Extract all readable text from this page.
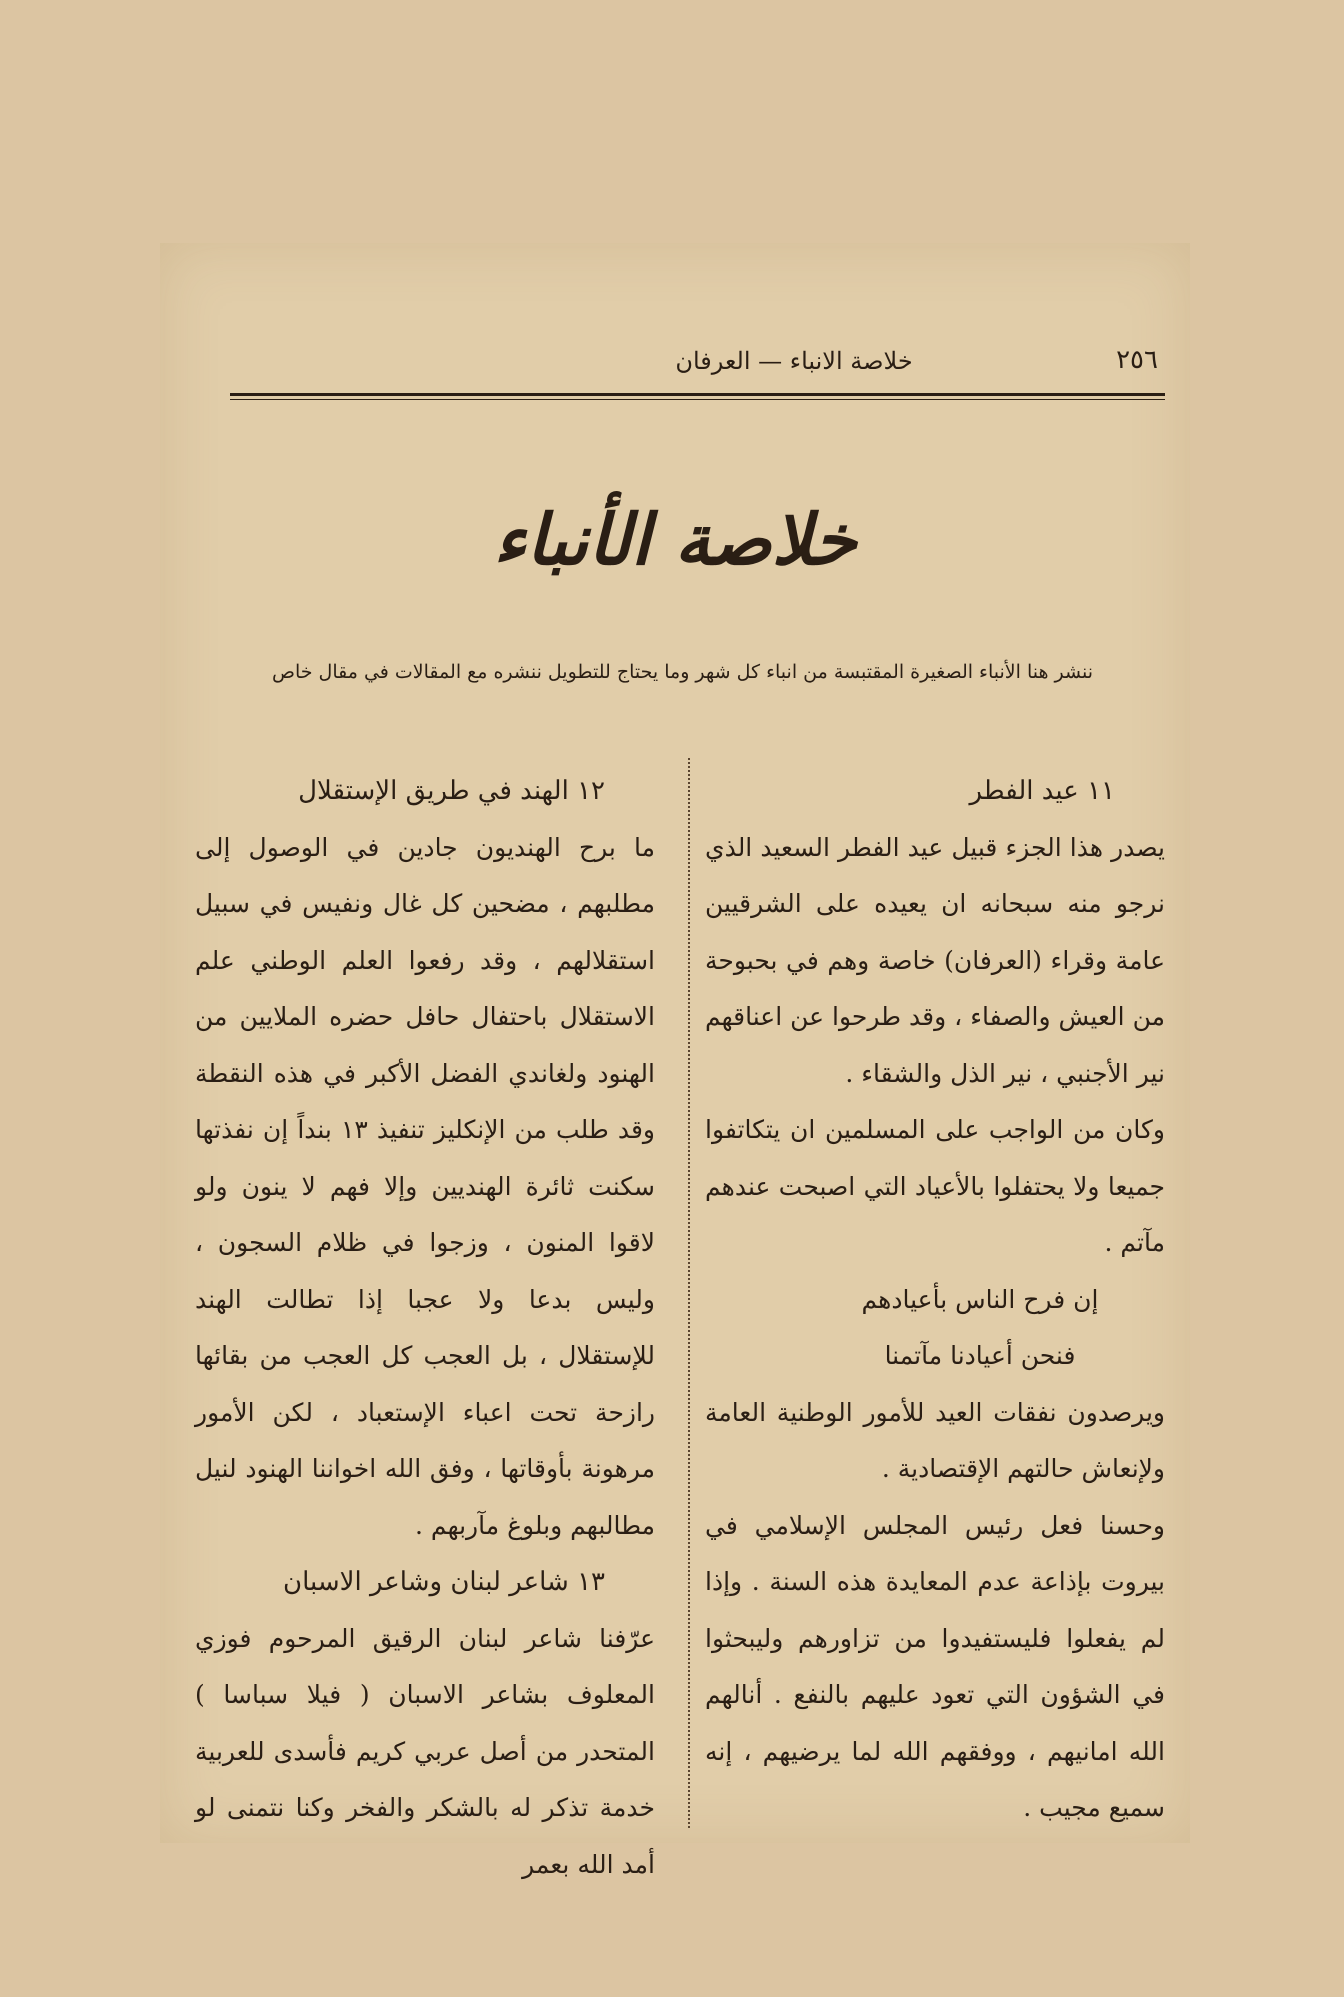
٢٥٦
خلاصة الانباء — العرفان
خلاصة الأنباء
ننشر هنا الأنباء الصغيرة المقتبسة من انباء كل شهر وما يحتاج للتطويل ننشره مع المقالات في مقال خاص
١١ عيد الفطر
يصدر هذا الجزء قبيل عيد الفطر السعيد الذي نرجو منه سبحانه ان يعيده على الشرقيين عامة وقراء (العرفان) خاصة وهم في بحبوحة من العيش والصفاء ، وقد طرحوا عن اعناقهم نير الأجنبي ، نير الذل والشقاء .
وكان من الواجب على المسلمين ان يتكاتفوا جميعا ولا يحتفلوا بالأعياد التي اصبحت عندهم مآتم .
إن فرح الناس بأعيادهم
فنحن أعيادنا مآتمنا
ويرصدون نفقات العيد للأمور الوطنية العامة ولإنعاش حالتهم الإقتصادية .
وحسنا فعل رئيس المجلس الإسلامي في بيروت بإذاعة عدم المعايدة هذه السنة . وإذا لم يفعلوا فليستفيدوا من تزاورهم وليبحثوا في الشؤون التي تعود عليهم بالنفع . أنالهم الله امانيهم ، ووفقهم الله لما يرضيهم ، إنه سميع مجيب .
١٢ الهند في طريق الإستقلال
ما برح الهنديون جادين في الوصول إلى مطلبهم ، مضحين كل غال ونفيس في سبيل استقلالهم ، وقد رفعوا العلم الوطني علم الاستقلال باحتفال حافل حضره الملايين من الهنود ولغاندي الفضل الأكبر في هذه النقطة وقد طلب من الإنكليز تنفيذ ١٣ بنداً إن نفذتها سكنت ثائرة الهنديين وإلا فهم لا ينون ولو لاقوا المنون ، وزجوا في ظلام السجون ، وليس بدعا ولا عجبا إذا تطالت الهند للإستقلال ، بل العجب كل العجب من بقائها رازحة تحت اعباء الإستعباد ، لكن الأمور مرهونة بأوقاتها ، وفق الله اخواننا الهنود لنيل مطالبهم وبلوغ مآربهم .
١٣ شاعر لبنان وشاعر الاسبان
عرّفنا شاعر لبنان الرقيق المرحوم فوزي المعلوف بشاعر الاسبان ( فيلا سباسا ) المتحدر من أصل عربي كريم فأسدى للعربية خدمة تذكر له بالشكر والفخر وكنا نتمنى لو أمد الله بعمر
